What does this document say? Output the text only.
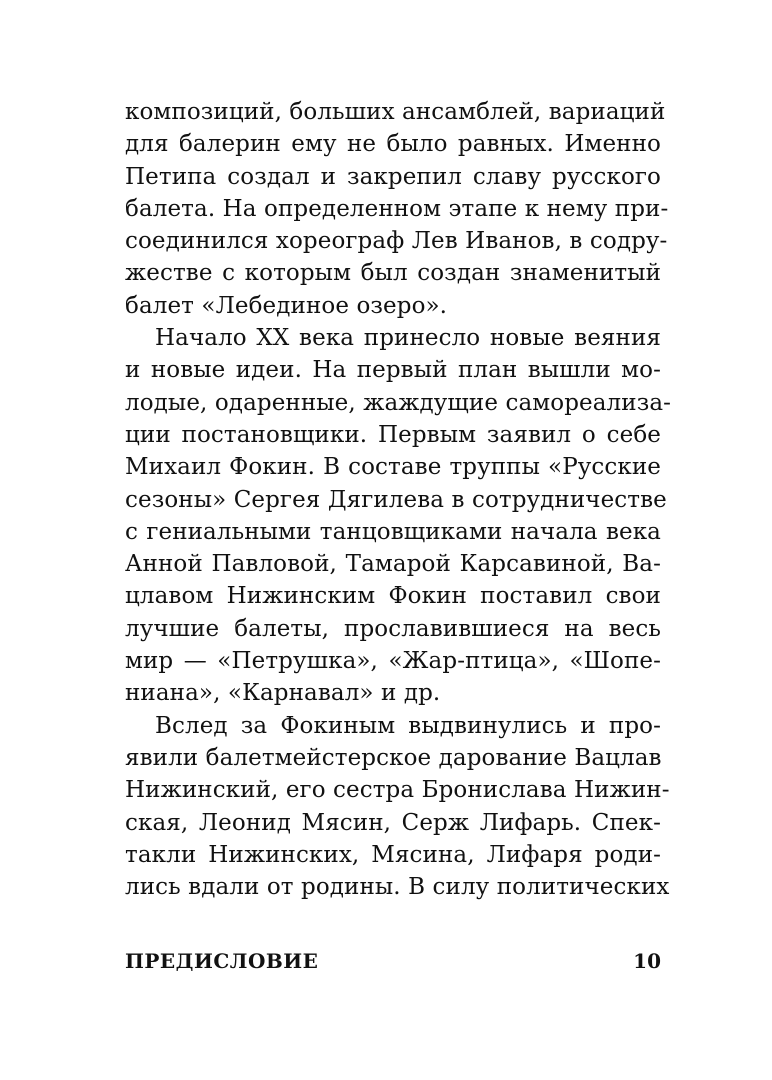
композиций, больших ансамблей, вариаций
для балерин ему не было равных. Именно
Петипа создал и закрепил славу русского
балета. На определенном этапе к нему при-
соединился хореограф Лев Иванов, в содру-
жестве с которым был создан знаменитый
балет «Лебединое озеро».

Начало XX века принесло новые веяния
и новые идеи. На первый план вышли мо-
лодые, одаренные, жаждущие самореализа-
ции постановщики. Первым заявил о себе
Михаил Фокин. В составе труппы «Русские
сезоны» Сергея Дягилева в сотрудничестве
с гениальными танцовщиками начала века
Анной Павловой, Тамарой Карсавиной, Ва-
цлавом Нижинским Фокин поставил свои
лучшие балеты, прославившиеся на весь
мир — «Петрушка», «Жар-птица», «Шопе-
ниана», «Карнавал» и др.

Вслед за Фокиным выдвинулись и про-
явили балетмейстерское дарование Вацлав
Нижинский, его сестра Бронислава Нижин-
ская, Леонид Мясин, Серж Лифарь. Спек-
такли Нижинских, Мясина, Лифаря роди-
лись вдали от родины. В силу политических

ПРЕДИСЛОВИЕ	10
